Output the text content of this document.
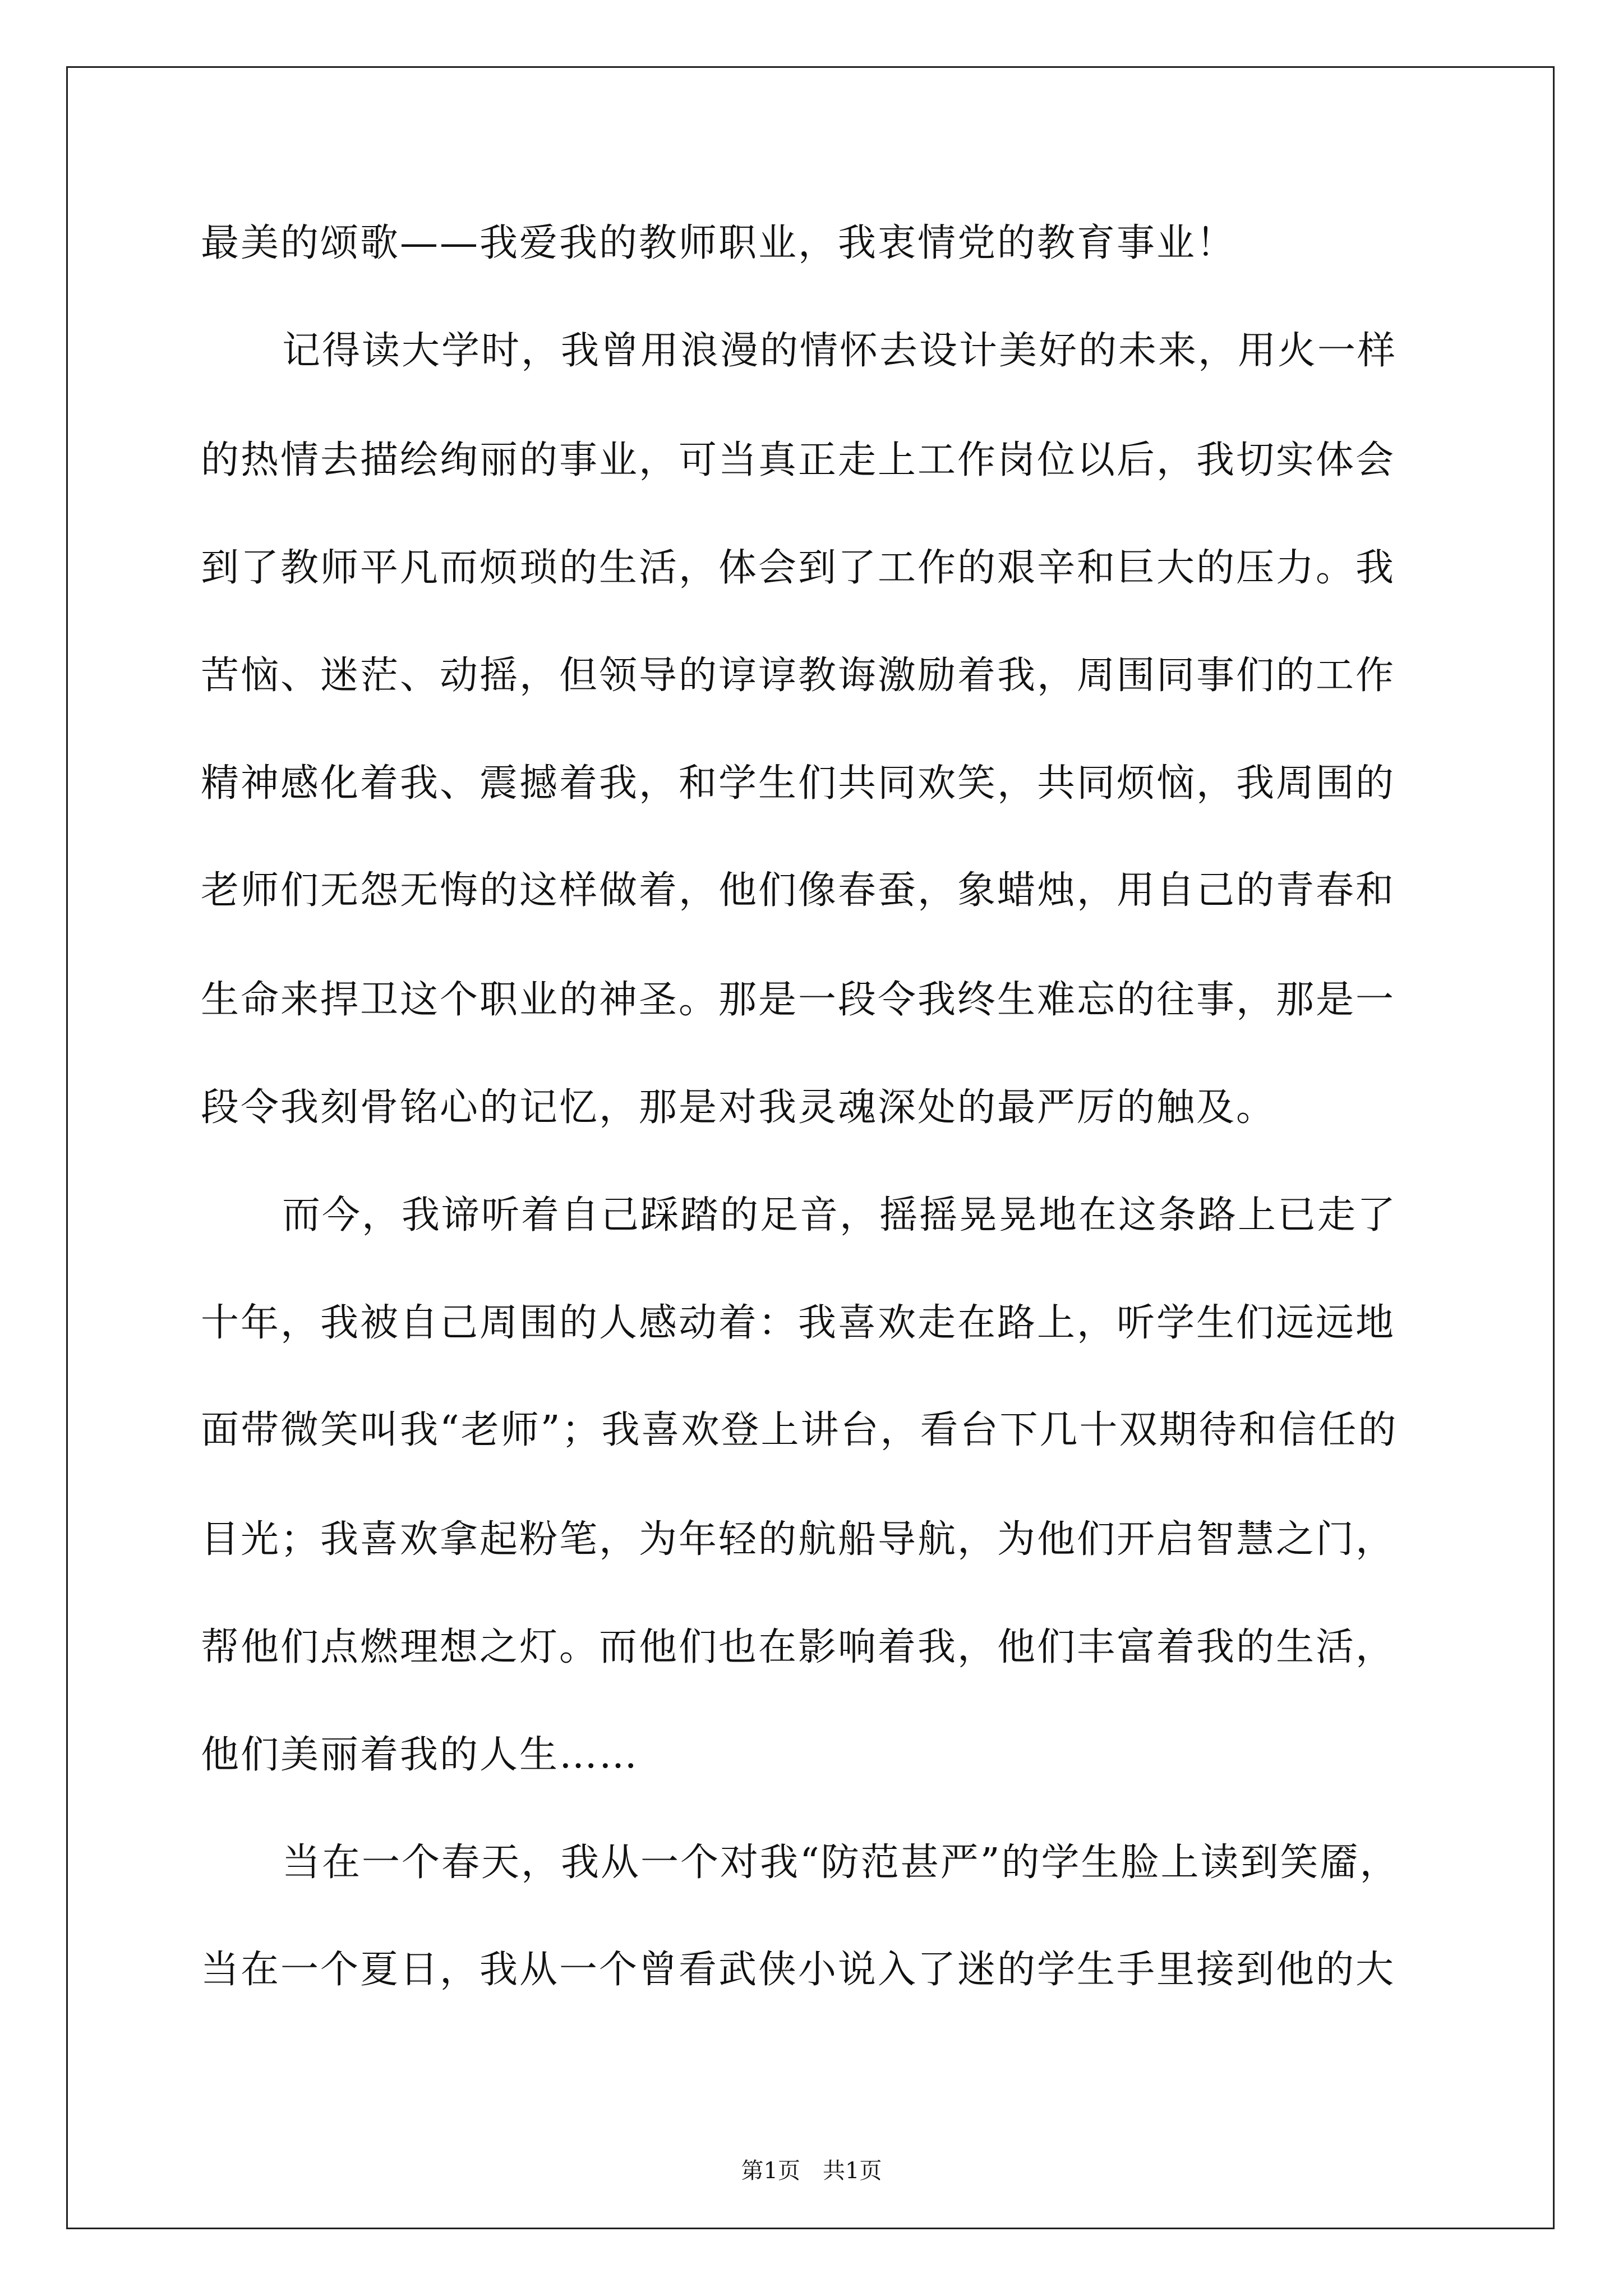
最美的颂歌——我爱我的教师职业，我衷情党的教育事业！
记得读大学时，我曾用浪漫的情怀去设计美好的未来，用火一样
的热情去描绘绚丽的事业，可当真正走上工作岗位以后，我切实体会
到了教师平凡而烦琐的生活，体会到了工作的艰辛和巨大的压力。我
苦恼、迷茫、动摇，但领导的谆谆教诲激励着我，周围同事们的工作
精神感化着我、震撼着我，和学生们共同欢笑，共同烦恼，我周围的
老师们无怨无悔的这样做着，他们像春蚕，象蜡烛，用自己的青春和
生命来捍卫这个职业的神圣。那是一段令我终生难忘的往事，那是一
段令我刻骨铭心的记忆，那是对我灵魂深处的最严厉的触及。
而今，我谛听着自己踩踏的足音，摇摇晃晃地在这条路上已走了
十年，我被自己周围的人感动着：我喜欢走在路上，听学生们远远地
面带微笑叫我“老师”；我喜欢登上讲台，看台下几十双期待和信任的
目光；我喜欢拿起粉笔，为年轻的航船导航，为他们开启智慧之门，
帮他们点燃理想之灯。而他们也在影响着我，他们丰富着我的生活，
他们美丽着我的人生……
当在一个春天，我从一个对我“防范甚严”的学生脸上读到笑靥，
当在一个夏日，我从一个曾看武侠小说入了迷的学生手里接到他的大
第1页　共1页
